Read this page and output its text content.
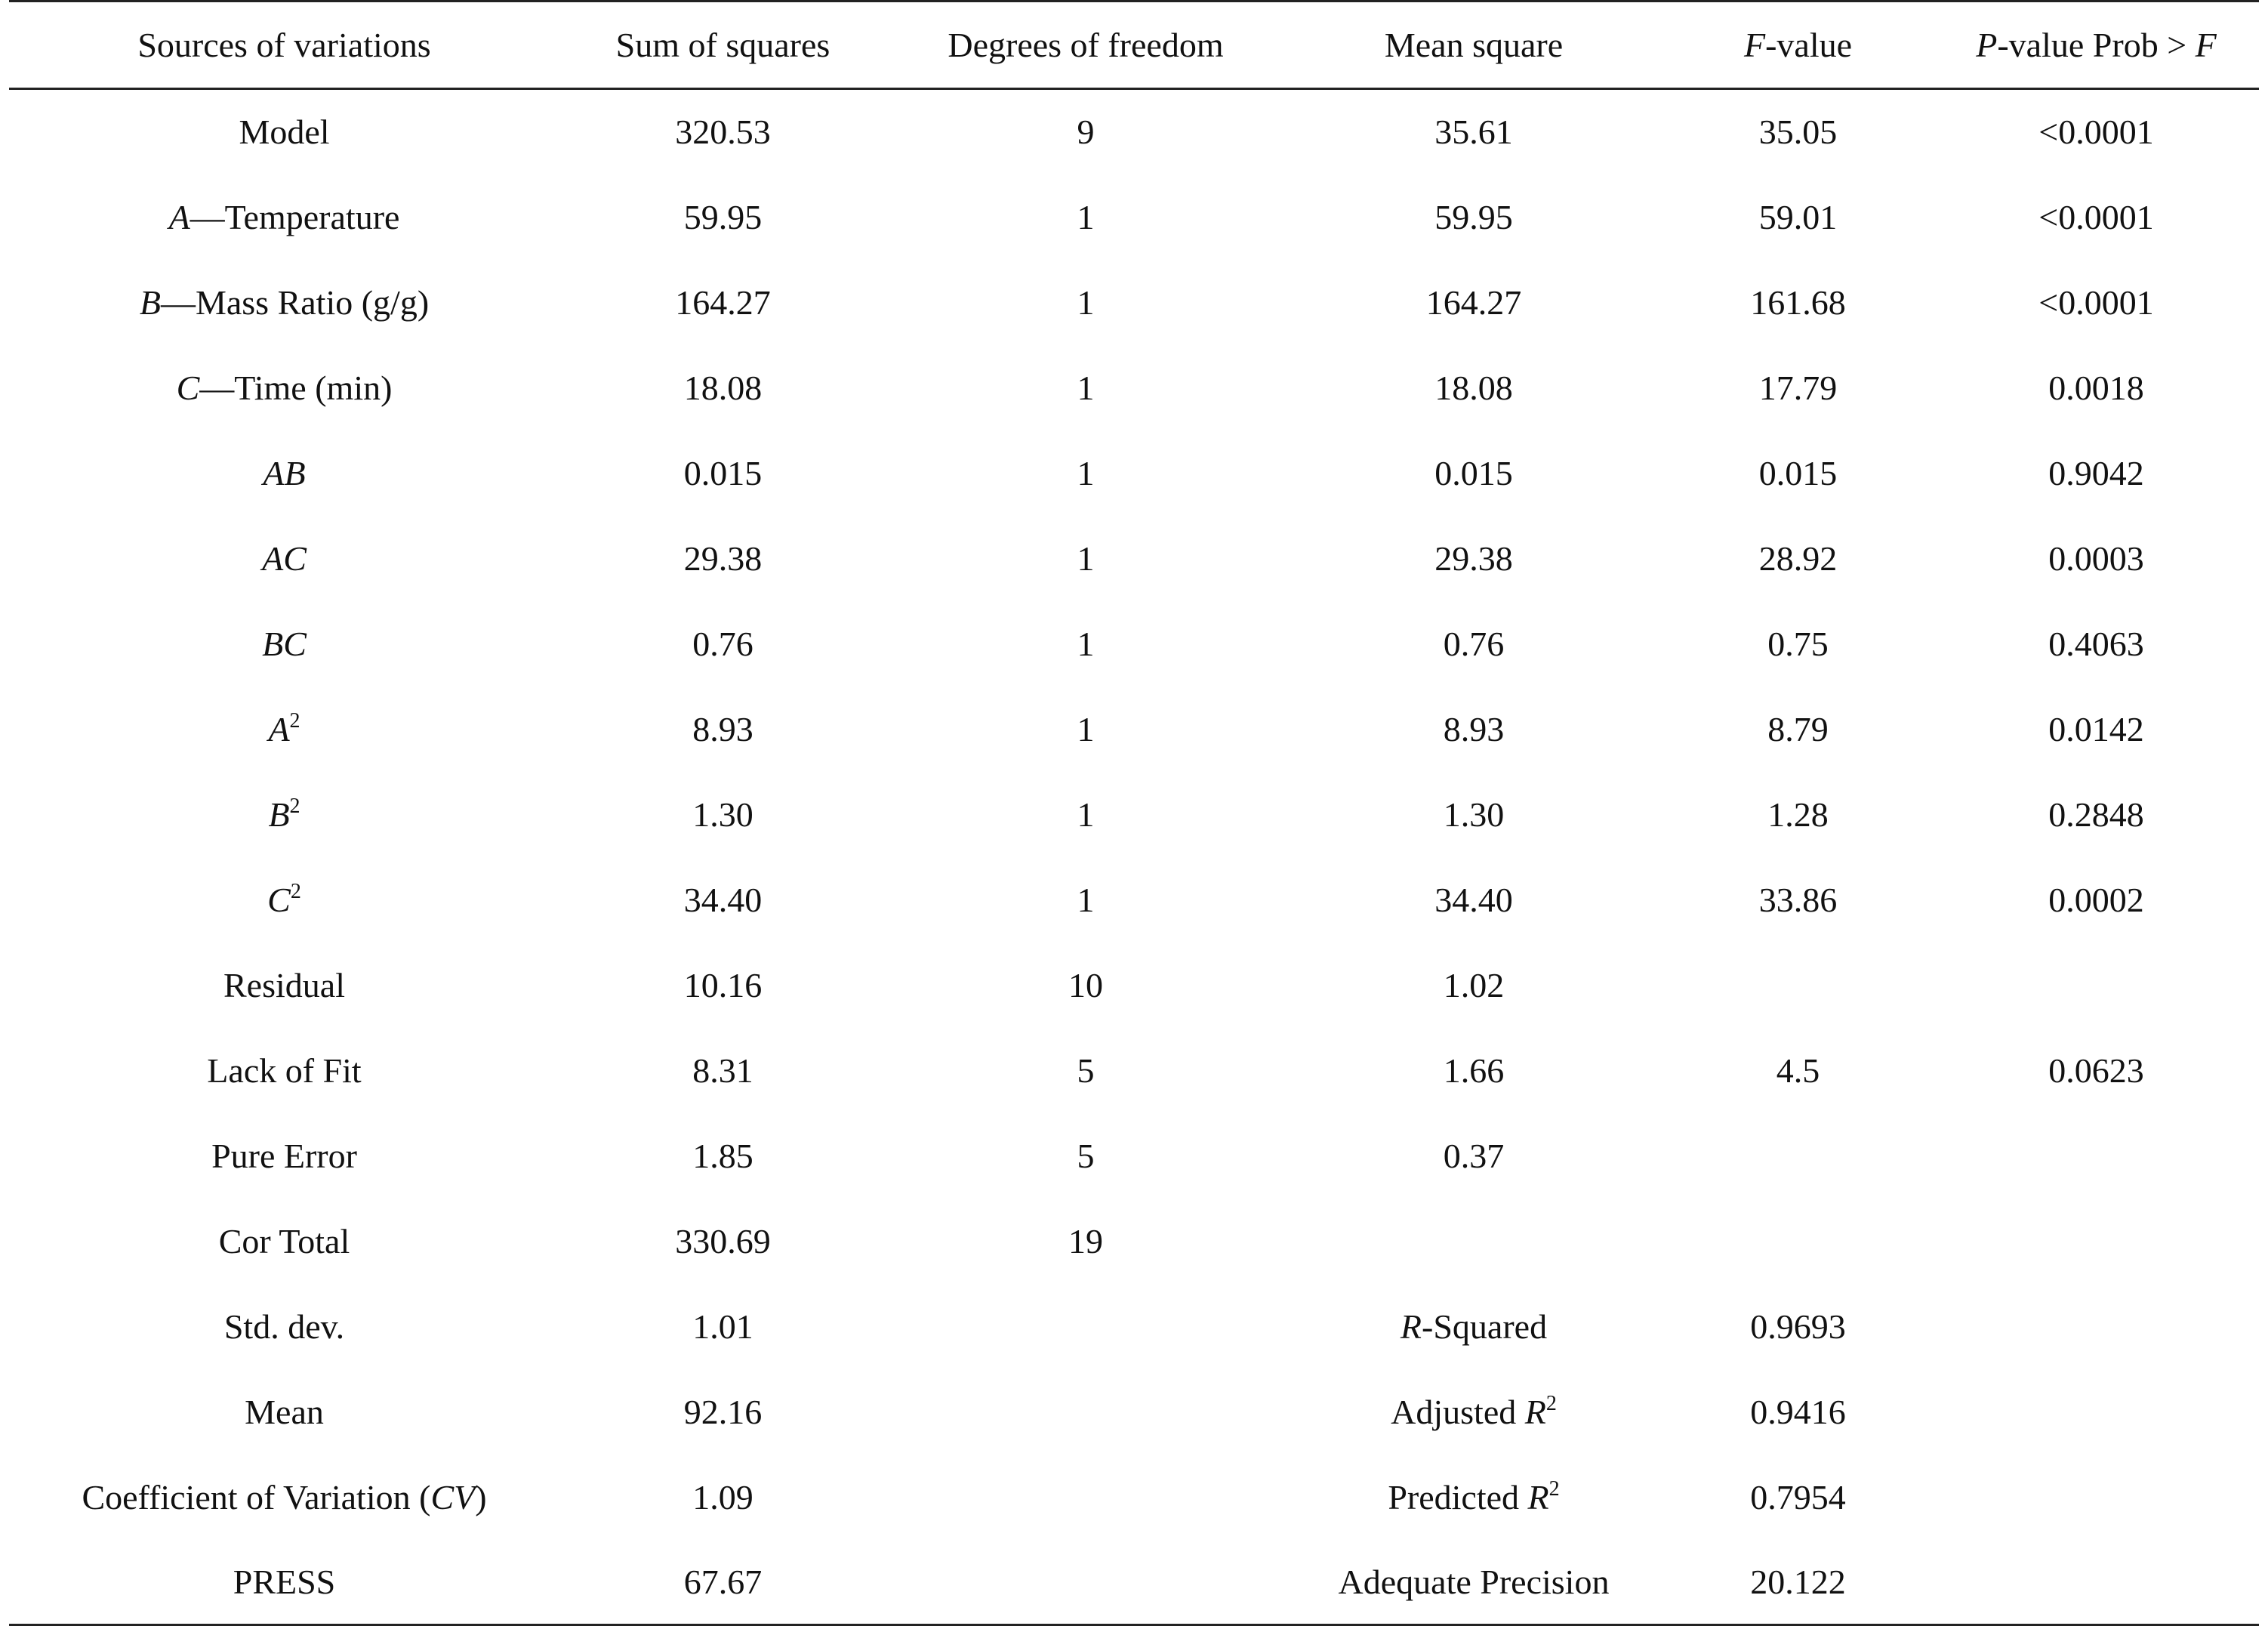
Sources of variations	Sum of squares	Degrees of freedom	Mean square	F-value	P-value Prob > F
Model	320.53	9	35.61	35.05	<0.0001
A—Temperature	59.95	1	59.95	59.01	<0.0001
B—Mass Ratio (g/g)	164.27	1	164.27	161.68	<0.0001
C—Time (min)	18.08	1	18.08	17.79	0.0018
AB	0.015	1	0.015	0.015	0.9042
AC	29.38	1	29.38	28.92	0.0003
BC	0.76	1	0.76	0.75	0.4063
$A^2$	8.93	1	8.93	8.79	0.0142
$B^2$	1.30	1	1.30	1.28	0.2848
$C^2$	34.40	1	34.40	33.86	0.0002
Residual	10.16	10	1.02		
Lack of Fit	8.31	5	1.66	4.5	0.0623
Pure Error	1.85	5	0.37		
Cor Total	330.69	19			
Std. dev.	1.01		R-Squared	0.9693	
Mean	92.16		Adjusted $R^2$	0.9416	
Coefficient of Variation (CV)	1.09		Predicted $R^2$	0.7954	
PRESS	67.67		Adequate Precision	20.122	
